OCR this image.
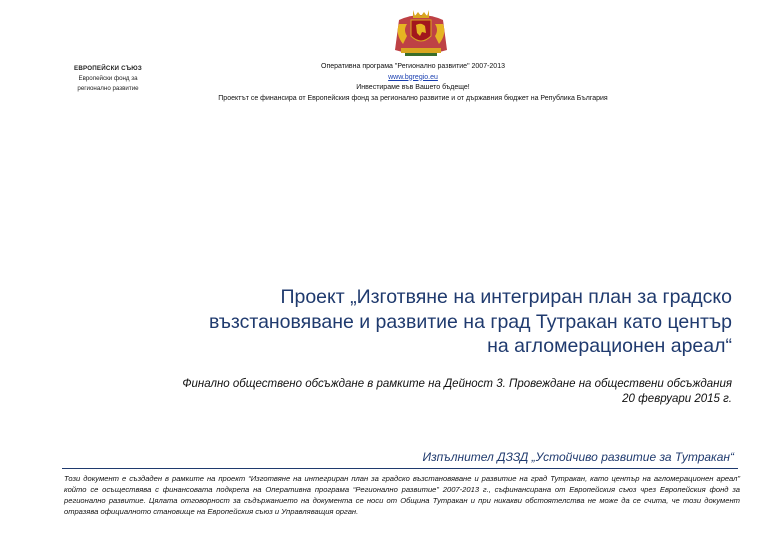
ЕВРОПЕЙСКИ СЪЮЗ
Европейски фонд за
регионално развитие
Оперативна програма "Регионално развитие" 2007-2013
www.bgregio.eu
Инвестираме във Вашето бъдеще!
Проектът се финансира от Европейския фонд за регионално развитие и от държавния бюджет на Република България
Проект „Изготвяне на интегриран план за градско
възстановяване и развитие на град Тутракан като център
на агломерационен ареал“
Финално обществено обсъждане в рамките на Дейност 3. Провеждане на обществени обсъждания
20 февруари 2015 г.
Изпълнител ДЗЗД „Устойчиво развитие за Тутракан“
Този документ е създаден в рамките на проект “Изготвяне на интегриран план за градско възстановяване и развитие на град Тутракан, като център на агломерационен ареал” който се осъществява с финансовата подкрепа на Оперативна програма “Регионално развитие” 2007-2013 г., съфинансирана от Европейския съюз чрез Европейския фонд за регионално развитие. Цялата отговорност за съдържанието на документа се носи от Община Тутракан и при никакви обстоятелства не може да се счита, че този документ отразява официалното становище на Европейския съюз и Управляващия орган.
